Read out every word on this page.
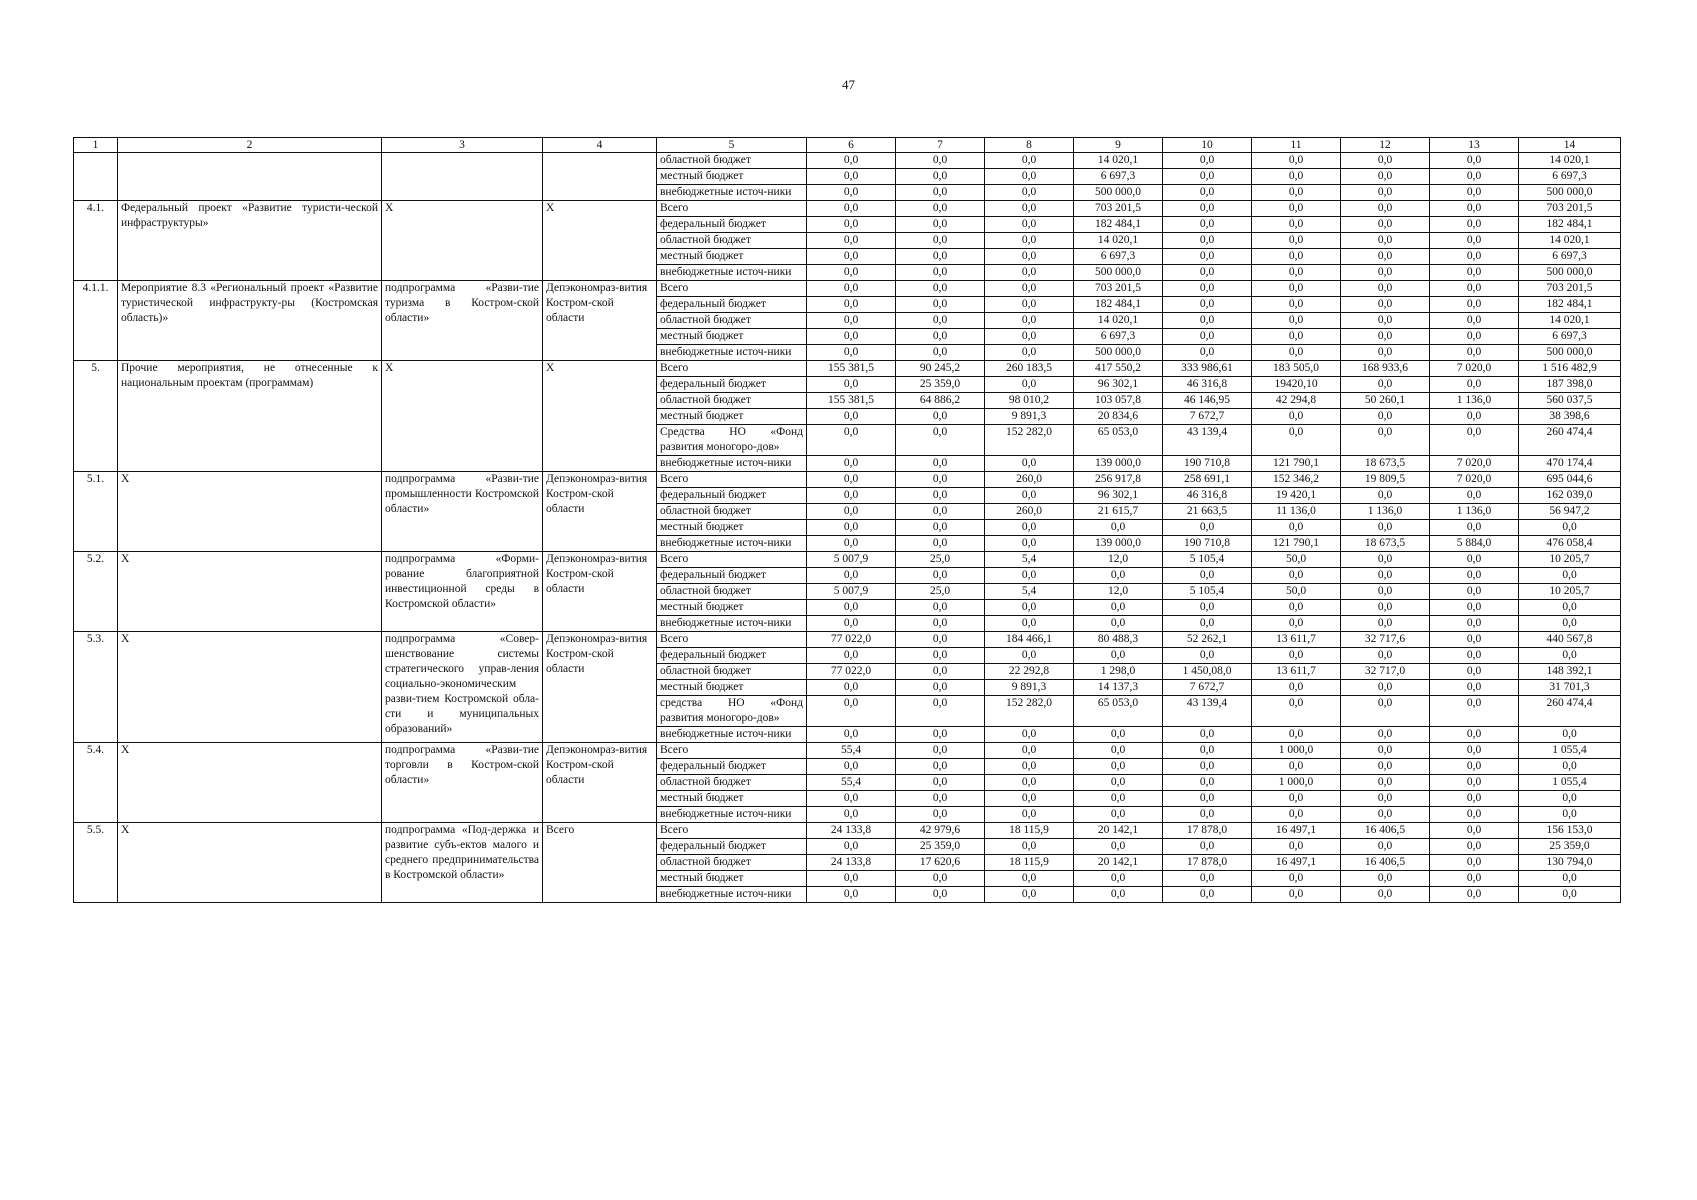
47
1	2	3	4	5	6	7	8	9	10	11	12	13	14
				областной бюджет	0,0	0,0	0,0	14 020,1	0,0	0,0	0,0	0,0	14 020,1
				местный бюджет	0,0	0,0	0,0	6 697,3	0,0	0,0	0,0	0,0	6 697,3
				внебюджетные источ-ники	0,0	0,0	0,0	500 000,0	0,0	0,0	0,0	0,0	500 000,0
4.1.	Федеральный проект «Развитие туристи-ческой инфраструктуры»	Х	Х	Всего	0,0	0,0	0,0	703 201,5	0,0	0,0	0,0	0,0	703 201,5
				федеральный бюджет	0,0	0,0	0,0	182 484,1	0,0	0,0	0,0	0,0	182 484,1
				областной бюджет	0,0	0,0	0,0	14 020,1	0,0	0,0	0,0	0,0	14 020,1
				местный бюджет	0,0	0,0	0,0	6 697,3	0,0	0,0	0,0	0,0	6 697,3
				внебюджетные источ-ники	0,0	0,0	0,0	500 000,0	0,0	0,0	0,0	0,0	500 000,0
4.1.1.	Мероприятие 8.3 «Региональный проект «Развитие туристической инфраструкту-ры (Костромская область)»	подпрограмма «Разви-тие туризма в Костром-ской области»	Депэкономраз-вития Костром-ской области	Всего	0,0	0,0	0,0	703 201,5	0,0	0,0	0,0	0,0	703 201,5
				федеральный бюджет	0,0	0,0	0,0	182 484,1	0,0	0,0	0,0	0,0	182 484,1
				областной бюджет	0,0	0,0	0,0	14 020,1	0,0	0,0	0,0	0,0	14 020,1
				местный бюджет	0,0	0,0	0,0	6 697,3	0,0	0,0	0,0	0,0	6 697,3
				внебюджетные источ-ники	0,0	0,0	0,0	500 000,0	0,0	0,0	0,0	0,0	500 000,0
5.	Прочие мероприятия, не отнесенные к национальным проектам (программам)	Х	Х	Всего	155 381,5	90 245,2	260 183,5	417 550,2	333 986,61	183 505,0	168 933,6	7 020,0	1 516 482,9
				федеральный бюджет	0,0	25 359,0	0,0	96 302,1	46 316,8	19420,10	0,0	0,0	187 398,0
				областной бюджет	155 381,5	64 886,2	98 010,2	103 057,8	46 146,95	42 294,8	50 260,1	1 136,0	560 037,5
				местный бюджет	0,0	0,0	9 891,3	20 834,6	7 672,7	0,0	0,0	0,0	38 398,6
				Средства НО «Фонд развития моногоро-дов»	0,0	0,0	152 282,0	65 053,0	43 139,4	0,0	0,0	0,0	260 474,4
				внебюджетные источ-ники	0,0	0,0	0,0	139 000,0	190 710,8	121 790,1	18 673,5	7 020,0	470 174,4
5.1.	Х	подпрограмма «Разви-тие промышленности Костромской области»	Депэкономраз-вития Костром-ской области	Всего	0,0	0,0	260,0	256 917,8	258 691,1	152 346,2	19 809,5	7 020,0	695 044,6
				федеральный бюджет	0,0	0,0	0,0	96 302,1	46 316,8	19 420,1	0,0	0,0	162 039,0
				областной бюджет	0,0	0,0	260,0	21 615,7	21 663,5	11 136,0	1 136,0	1 136,0	56 947,2
				местный бюджет	0,0	0,0	0,0	0,0	0,0	0,0	0,0	0,0	0,0
				внебюджетные источ-ники	0,0	0,0	0,0	139 000,0	190 710,8	121 790,1	18 673,5	5 884,0	476 058,4
5.2.	Х	подпрограмма «Форми-рование благоприятной инвестиционной среды в Костромской области»	Депэкономраз-вития Костром-ской области	Всего	5 007,9	25,0	5,4	12,0	5 105,4	50,0	0,0	0,0	10 205,7
				федеральный бюджет	0,0	0,0	0,0	0,0	0,0	0,0	0,0	0,0	0,0
				областной бюджет	5 007,9	25,0	5,4	12,0	5 105,4	50,0	0,0	0,0	10 205,7
				местный бюджет	0,0	0,0	0,0	0,0	0,0	0,0	0,0	0,0	0,0
				внебюджетные источ-ники	0,0	0,0	0,0	0,0	0,0	0,0	0,0	0,0	0,0
5.3.	Х	подпрограмма «Совер-шенствование системы стратегического управ-ления социально-экономическим разви-тием Костромской обла-сти и муниципальных образований»	Депэкономраз-вития Костром-ской области	Всего	77 022,0	0,0	184 466,1	80 488,3	52 262,1	13 611,7	32 717,6	0,0	440 567,8
				федеральный бюджет	0,0	0,0	0,0	0,0	0,0	0,0	0,0	0,0	0,0
				областной бюджет	77 022,0	0,0	22 292,8	1 298,0	1 450,08,0	13 611,7	32 717,0	0,0	148 392,1
				местный бюджет	0,0	0,0	9 891,3	14 137,3	7 672,7	0,0	0,0	0,0	31 701,3
				средства НО «Фонд развития моногоро-дов»	0,0	0,0	152 282,0	65 053,0	43 139,4	0,0	0,0	0,0	260 474,4
				внебюджетные источ-ники	0,0	0,0	0,0	0,0	0,0	0,0	0,0	0,0	0,0
5.4.	Х	подпрограмма «Разви-тие торговли в Костром-ской области»	Депэкономраз-вития Костром-ской области	Всего	55,4	0,0	0,0	0,0	0,0	1 000,0	0,0	0,0	1 055,4
				федеральный бюджет	0,0	0,0	0,0	0,0	0,0	0,0	0,0	0,0	0,0
				областной бюджет	55,4	0,0	0,0	0,0	0,0	1 000,0	0,0	0,0	1 055,4
				местный бюджет	0,0	0,0	0,0	0,0	0,0	0,0	0,0	0,0	0,0
				внебюджетные источ-ники	0,0	0,0	0,0	0,0	0,0	0,0	0,0	0,0	0,0
5.5.	Х	подпрограмма «Под-держка и развитие субъ-ектов малого и среднего предпринимательства в Костромской области»	Всего	Всего	24 133,8	42 979,6	18 115,9	20 142,1	17 878,0	16 497,1	16 406,5	0,0	156 153,0
				федеральный бюджет	0,0	25 359,0	0,0	0,0	0,0	0,0	0,0	0,0	25 359,0
				областной бюджет	24 133,8	17 620,6	18 115,9	20 142,1	17 878,0	16 497,1	16 406,5	0,0	130 794,0
				местный бюджет	0,0	0,0	0,0	0,0	0,0	0,0	0,0	0,0	0,0
				внебюджетные источ-ники	0,0	0,0	0,0	0,0	0,0	0,0	0,0	0,0	0,0
